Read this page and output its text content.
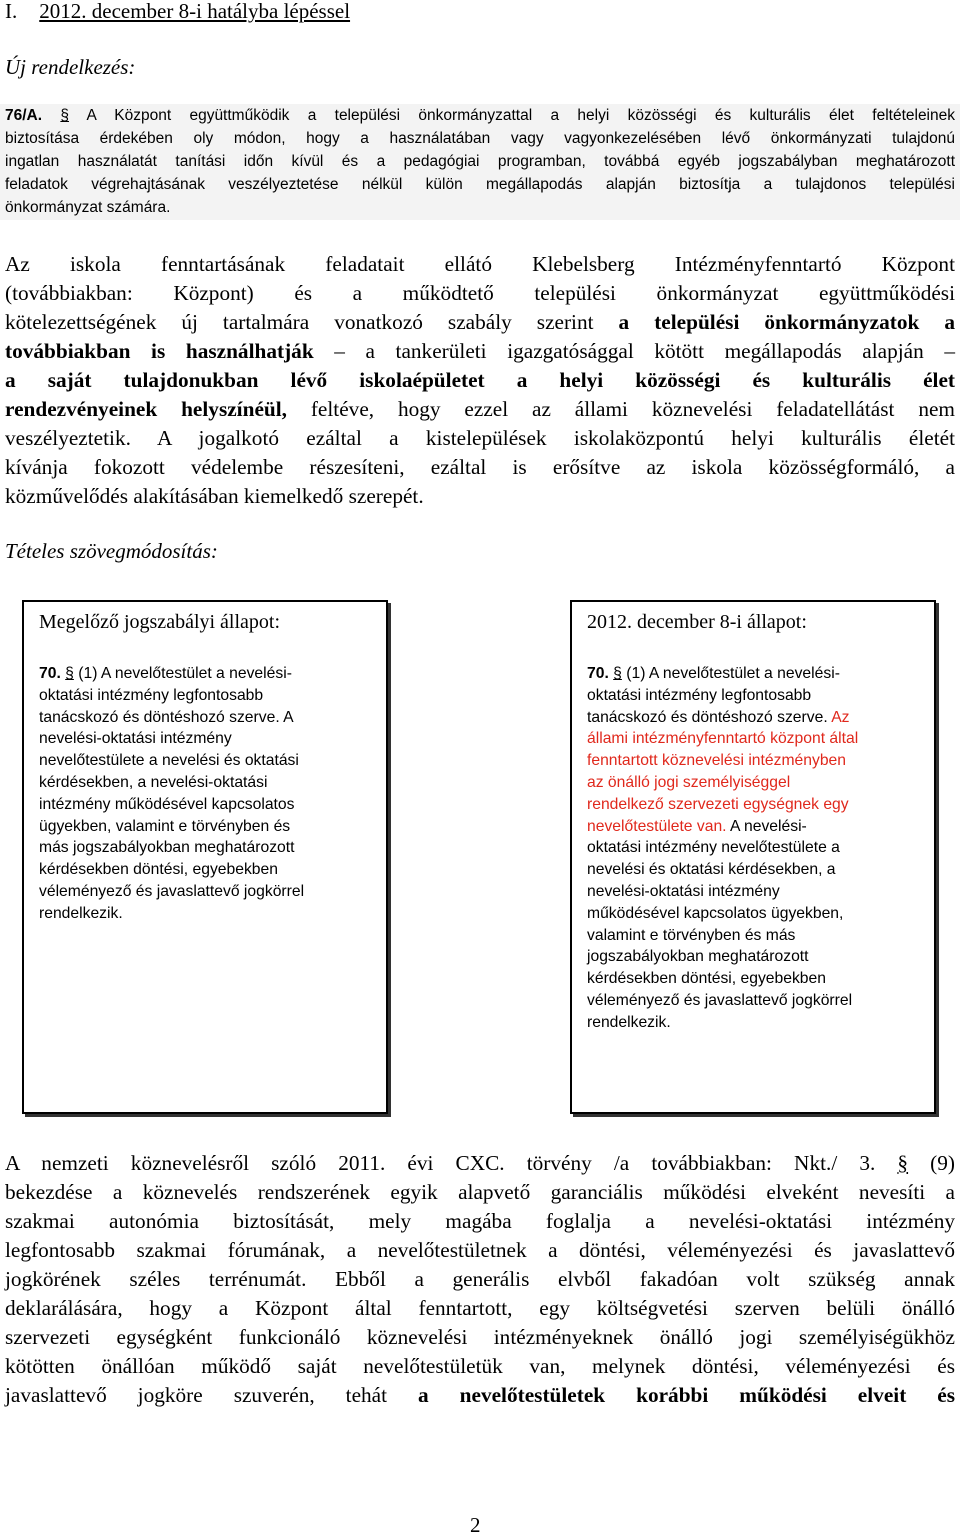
I. 2012. december 8-i hatályba lépéssel
Új rendelkezés:
76/A. § A Központ együttműködik a települési önkormányzattal a helyi közösségi és kulturális élet feltételeinek
biztosítása érdekében oly módon, hogy a használatában vagy vagyonkezelésében lévő önkormányzati tulajdonú
ingatlan használatát tanítási időn kívül és a pedagógiai programban, továbbá egyéb jogszabályban meghatározott
feladatok végrehajtásának veszélyeztetése nélkül külön megállapodás alapján biztosítja a tulajdonos települési
önkormányzat számára.
Az iskola fenntartásának feladatait ellátó Klebelsberg Intézményfenntartó Központ
(továbbiakban: Központ) és a működtető települési önkormányzat együttműködési
kötelezettségének új tartalmára vonatkozó szabály szerint a települési önkormányzatok a
továbbiakban is használhatják – a tankerületi igazgatósággal kötött megállapodás alapján –
a saját tulajdonukban lévő iskolaépületet a helyi közösségi és kulturális élet
rendezvényeinek helyszínéül, feltéve, hogy ezzel az állami köznevelési feladatellátást nem
veszélyeztetik. A jogalkotó ezáltal a kistelepülések iskolaközpontú helyi kulturális életét
kívánja fokozott védelembe részesíteni, ezáltal is erősítve az iskola közösségformáló, a
közművelődés alakításában kiemelkedő szerepét.
Tételes szövegmódosítás:
Megelőző jogszabályi állapot:
70. § (1) A nevelőtestület a nevelési-
oktatási intézmény legfontosabb
tanácskozó és döntéshozó szerve. A
nevelési-oktatási intézmény
nevelőtestülete a nevelési és oktatási
kérdésekben, a nevelési-oktatási
intézmény működésével kapcsolatos
ügyekben, valamint e törvényben és
más jogszabályokban meghatározott
kérdésekben döntési, egyebekben
véleményező és javaslattevő jogkörrel
rendelkezik.
2012. december 8-i állapot:
70. § (1) A nevelőtestület a nevelési-
oktatási intézmény legfontosabb
tanácskozó és döntéshozó szerve. Az
állami intézményfenntartó központ által
fenntartott köznevelési intézményben
az önálló jogi személyiséggel
rendelkező szervezeti egységnek egy
nevelőtestülete van. A nevelési-
oktatási intézmény nevelőtestülete a
nevelési és oktatási kérdésekben, a
nevelési-oktatási intézmény
működésével kapcsolatos ügyekben,
valamint e törvényben és más
jogszabályokban meghatározott
kérdésekben döntési, egyebekben
véleményező és javaslattevő jogkörrel
rendelkezik.
A nemzeti köznevelésről szóló 2011. évi CXC. törvény /a továbbiakban: Nkt./ 3. § (9)
bekezdése a köznevelés rendszerének egyik alapvető garanciális működési elveként nevesíti a
szakmai autonómia biztosítását, mely magába foglalja a nevelési-oktatási intézmény
legfontosabb szakmai fórumának, a nevelőtestületnek a döntési, véleményezési és javaslattevő
jogkörének széles terrénumát. Ebből a generális elvből fakadóan volt szükség annak
deklarálására, hogy a Központ által fenntartott, egy költségvetési szerven belüli önálló
szervezeti egységként funkcionáló köznevelési intézményeknek önálló jogi személyiségükhöz
kötötten önállóan működő saját nevelőtestületük van, melynek döntési, véleményezési és
javaslattevő jogköre szuverén, tehát a nevelőtestületek korábbi működési elveit és
2
